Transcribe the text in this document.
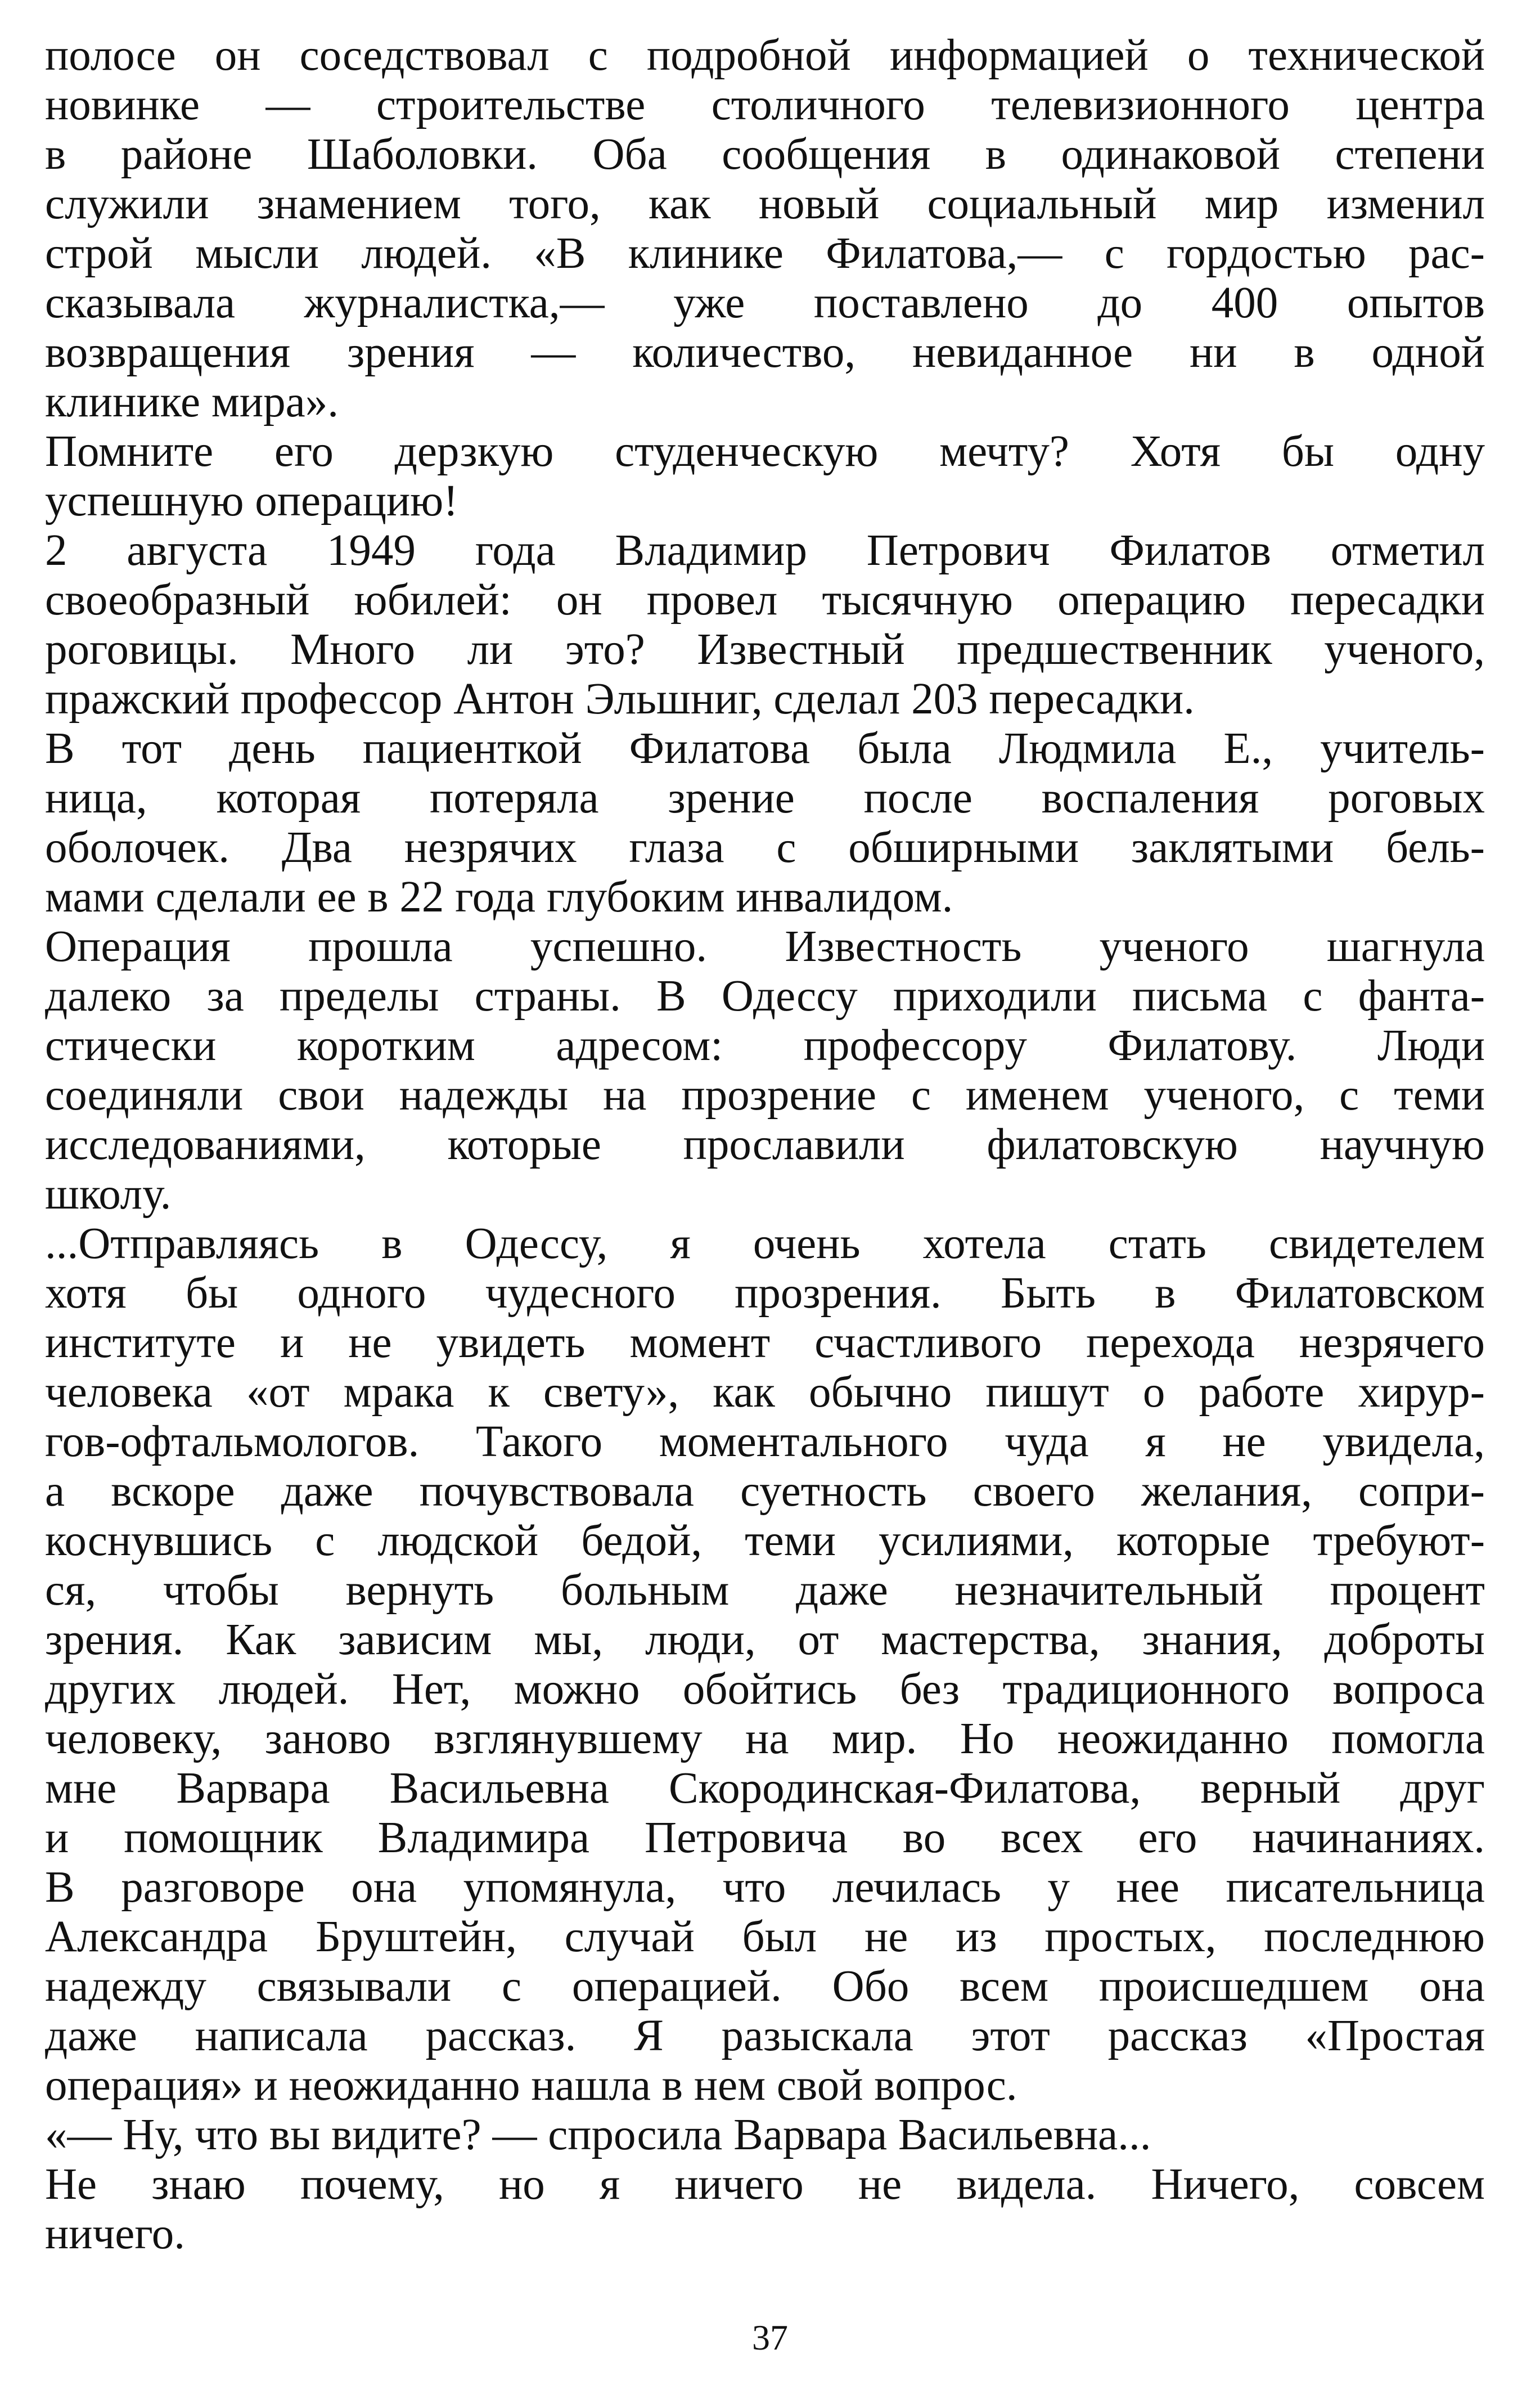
полосе он соседствовал с подробной информацией о технической
новинке — строительстве столичного телевизионного центра
в районе Шаболовки. Оба сообщения в одинаковой степени
служили знамением того, как новый социальный мир изменил
строй мысли людей. «В клинике Филатова,— с гордостью рас-
сказывала журналистка,— уже поставлено до 400 опытов
возвращения зрения — количество, невиданное ни в одной
клинике мира».
Помните его дерзкую студенческую мечту? Хотя бы одну
успешную операцию!
2 августа 1949 года Владимир Петрович Филатов отметил
своеобразный юбилей: он провел тысячную операцию пересадки
роговицы. Много ли это? Известный предшественник ученого,
пражский профессор Антон Эльшниг, сделал 203 пересадки.
В тот день пациенткой Филатова была Людмила Е., учитель-
ница, которая потеряла зрение после воспаления роговых
оболочек. Два незрячих глаза с обширными заклятыми бель-
мами сделали ее в 22 года глубоким инвалидом.
Операция прошла успешно. Известность ученого шагнула
далеко за пределы страны. В Одессу приходили письма с фанта-
стически коротким адресом: профессору Филатову. Люди
соединяли свои надежды на прозрение с именем ученого, с теми
исследованиями, которые прославили филатовскую научную
школу.
...Отправляясь в Одессу, я очень хотела стать свидетелем
хотя бы одного чудесного прозрения. Быть в Филатовском
институте и не увидеть момент счастливого перехода незрячего
человека «от мрака к свету», как обычно пишут о работе хирур-
гов-офтальмологов. Такого моментального чуда я не увидела,
а вскоре даже почувствовала суетность своего желания, сопри-
коснувшись с людской бедой, теми усилиями, которые требуют-
ся, чтобы вернуть больным даже незначительный процент
зрения. Как зависим мы, люди, от мастерства, знания, доброты
других людей. Нет, можно обойтись без традиционного вопроса
человеку, заново взглянувшему на мир. Но неожиданно помогла
мне Варвара Васильевна Скородинская-Филатова, верный друг
и помощник Владимира Петровича во всех его начинаниях.
В разговоре она упомянула, что лечилась у нее писательница
Александра Бруштейн, случай был не из простых, последнюю
надежду связывали с операцией. Обо всем происшедшем она
даже написала рассказ. Я разыскала этот рассказ «Простая
операция» и неожиданно нашла в нем свой вопрос.
«— Ну, что вы видите? — спросила Варвара Васильевна...
Не знаю почему, но я ничего не видела. Ничего, совсем
ничего.
37
